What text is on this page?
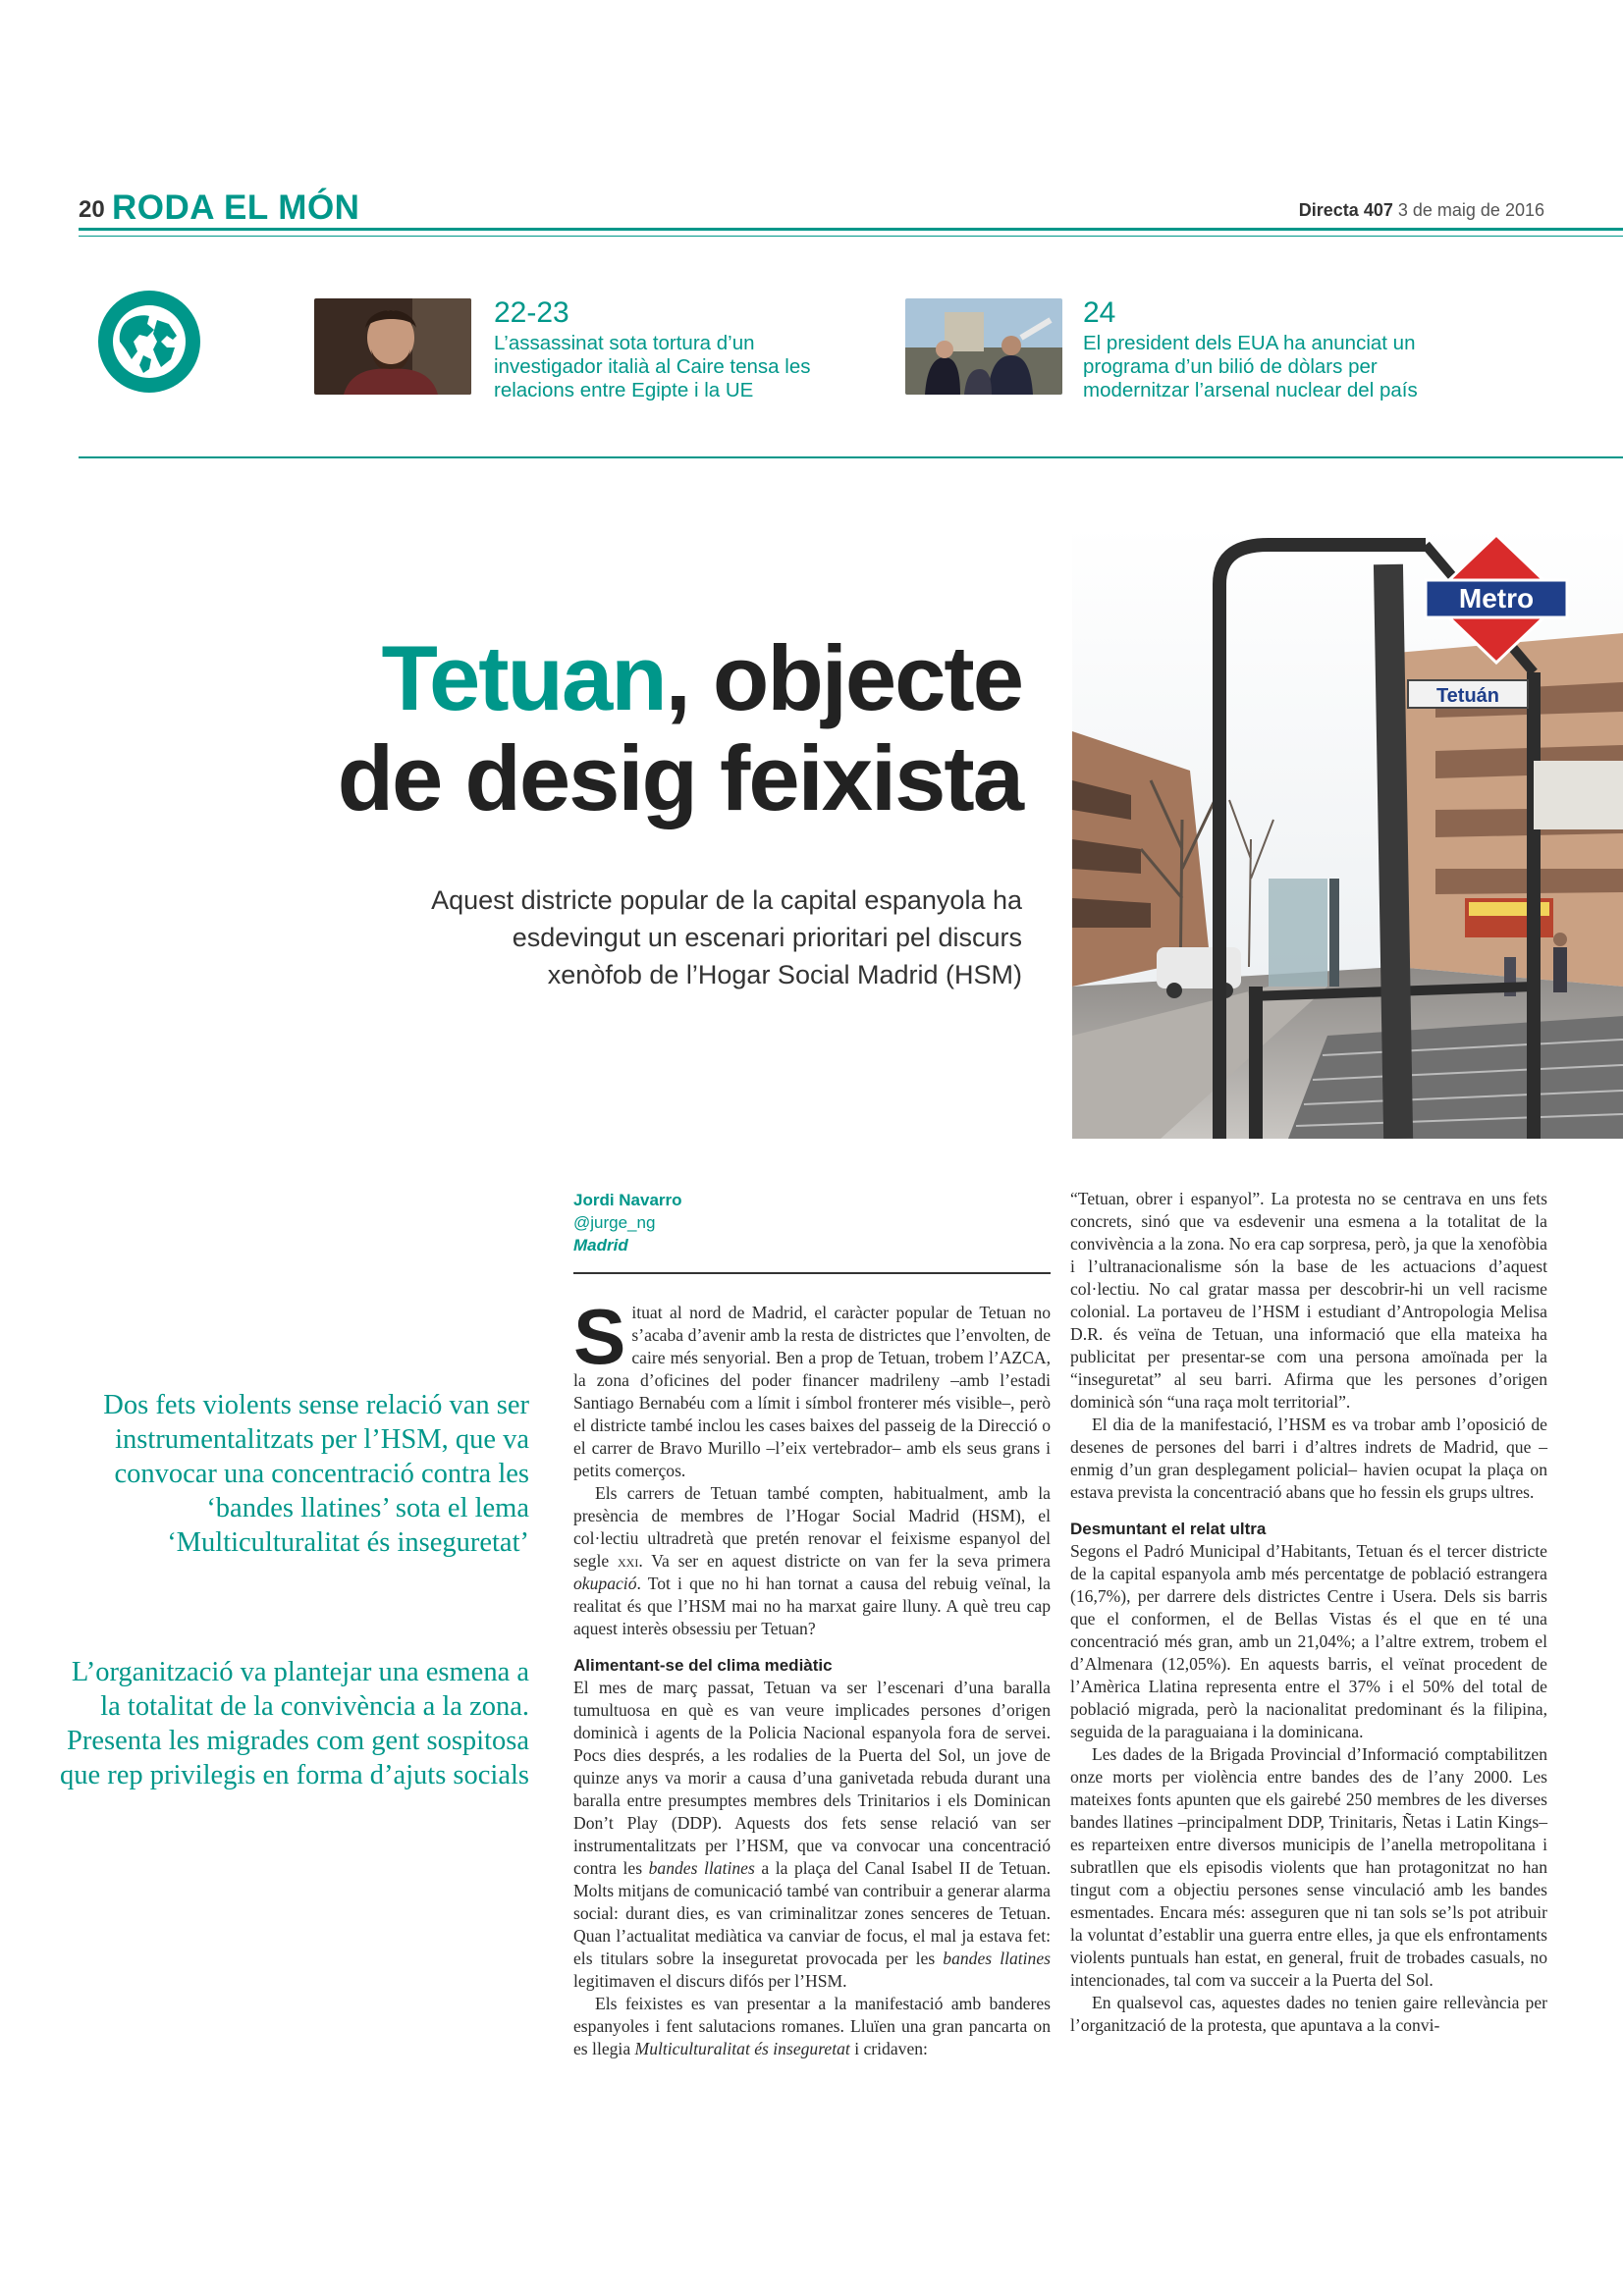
20 RODA EL MÓN	Directa 407 3 de maig de 2016
22-23
L’assassinat sota tortura d’un investigador italià al Caire tensa les relacions entre Egipte i la UE
24
El president dels EUA ha anunciat un programa d’un bilió de dòlars per modernitzar l’arsenal nuclear del país
Tetuan, objecte
de desig feixista
Aquest districte popular de la capital espanyola ha esdevingut un escenari prioritari pel discurs xenòfob de l’Hogar Social Madrid (HSM)
Metro
Tetuán
Dos fets violents sense relació van ser instrumentalitzats per l’HSM, que va convocar una concentració contra les ‘bandes llatines’ sota el lema ‘Multiculturalitat és inseguretat’
L’organització va plantejar una esmena a la totalitat de la convivència a la zona. Presenta les migrades com gent sospitosa que rep privilegis en forma d’ajuts socials
Jordi Navarro
@jurge_ng
Madrid

Situat al nord de Madrid, el caràcter popular de Tetuan no s’acaba d’avenir amb la resta de districtes que l’envolten, de caire més senyorial. Ben a prop de Tetuan, trobem l’AZCA, la zona d’oficines del poder financer madrileny –amb l’estadi Santiago Bernabéu com a límit i símbol fronterer més visible–, però el districte també inclou les cases baixes del passeig de la Direcció o el carrer de Bravo Murillo –l’eix vertebrador– amb els seus grans i petits comerços.

Els carrers de Tetuan també compten, habitualment, amb la presència de membres de l’Hogar Social Madrid (HSM), el col·lectiu ultradretà que pretén renovar el feixisme espanyol del segle xxi. Va ser en aquest districte on van fer la seva primera okupació. Tot i que no hi han tornat a causa del rebuig veïnal, la realitat és que l’HSM mai no ha marxat gaire lluny. A què treu cap aquest interès obsessiu per Tetuan?

Alimentant-se del clima mediàtic

El mes de març passat, Tetuan va ser l’escenari d’una baralla tumultuosa en què es van veure implicades persones d’origen dominicà i agents de la Policia Nacional espanyola fora de servei. Pocs dies després, a les rodalies de la Puerta del Sol, un jove de quinze anys va morir a causa d’una ganivetada rebuda durant una baralla entre presumptes membres dels Trinitarios i els Dominican Don’t Play (DDP). Aquests dos fets sense relació van ser instrumentalitzats per l’HSM, que va convocar una concentració contra les bandes llatines a la plaça del Canal Isabel II de Tetuan. Molts mitjans de comunicació també van contribuir a generar alarma social: durant dies, es van criminalitzar zones senceres de Tetuan. Quan l’actualitat mediàtica va canviar de focus, el mal ja estava fet: els titulars sobre la inseguretat provocada per les bandes llatines legitimaven el discurs difós per l’HSM.

Els feixistes es van presentar a la manifestació amb banderes espanyoles i fent salutacions romanes. Lluïen una gran pancarta on es llegia Multiculturalitat és inseguretat i cridaven:

“Tetuan, obrer i espanyol”. La protesta no se centrava en uns fets concrets, sinó que va esdevenir una esmena a la totalitat de la convivència a la zona. No era cap sorpresa, però, ja que la xenofòbia i l’ultranacionalisme són la base de les actuacions d’aquest col·lectiu. No cal gratar massa per descobrir-hi un vell racisme colonial. La portaveu de l’HSM i estudiant d’Antropologia Melisa D.R. és veïna de Tetuan, una informació que ella mateixa ha publicitat per presentar-se com una persona amoïnada per la “inseguretat” al seu barri. Afirma que les persones d’origen dominicà són “una raça molt territorial”.

El dia de la manifestació, l’HSM es va trobar amb l’oposició de desenes de persones del barri i d’altres indrets de Madrid, que –enmig d’un gran desplegament policial– havien ocupat la plaça on estava prevista la concentració abans que ho fessin els grups ultres.

Desmuntant el relat ultra

Segons el Padró Municipal d’Habitants, Tetuan és el tercer districte de la capital espanyola amb més percentatge de població estrangera (16,7%), per darrere dels districtes Centre i Usera. Dels sis barris que el conformen, el de Bellas Vistas és el que en té una concentració més gran, amb un 21,04%; a l’altre extrem, trobem el d’Almenara (12,05%). En aquests barris, el veïnat procedent de l’Amèrica Llatina representa entre el 37% i el 50% del total de població migrada, però la nacionalitat predominant és la filipina, seguida de la paraguaiana i la dominicana.

Les dades de la Brigada Provincial d’Informació comptabilitzen onze morts per violència entre bandes des de l’any 2000. Les mateixes fonts apunten que els gairebé 250 membres de les diverses bandes llatines –principalment DDP, Trinitaris, Ñetas i Latin Kings– es reparteixen entre diversos municipis de l’anella metropolitana i subratllen que els episodis violents que han protagonitzat no han tingut com a objectiu persones sense vinculació amb les bandes esmentades. Encara més: asseguren que ni tan sols se’ls pot atribuir la voluntat d’establir una guerra entre elles, ja que els enfrontaments violents puntuals han estat, en general, fruit de trobades casuals, no intencionades, tal com va succeir a la Puerta del Sol.

En qualsevol cas, aquestes dades no tenien gaire rellevància per l’organització de la protesta, que apuntava a la convi-
